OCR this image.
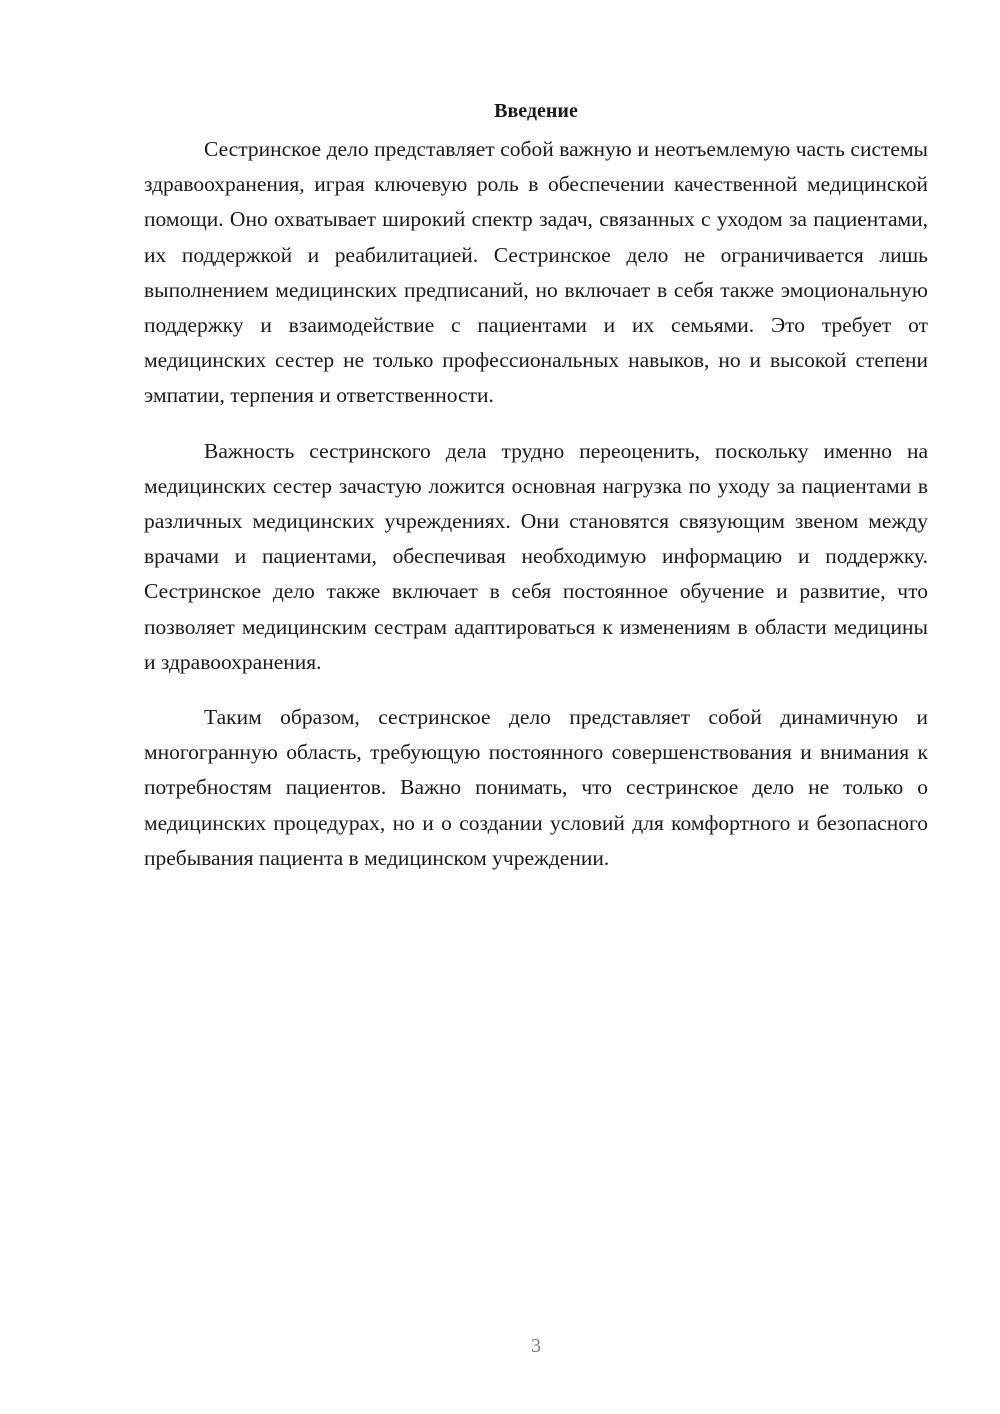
Введение

Сестринское дело представляет собой важную и неотъемлемую часть системы здравоохранения, играя ключевую роль в обеспечении качественной медицинской помощи. Оно охватывает широкий спектр задач, связанных с уходом за пациентами, их поддержкой и реабилитацией. Сестринское дело не ограничивается лишь выполнением медицинских предписаний, но включает в себя также эмоциональную поддержку и взаимодействие с пациентами и их семьями. Это требует от медицинских сестер не только профессиональных навыков, но и высокой степени эмпатии, терпения и ответственности.

Важность сестринского дела трудно переоценить, поскольку именно на медицинских сестер зачастую ложится основная нагрузка по уходу за пациентами в различных медицинских учреждениях. Они становятся связующим звеном между врачами и пациентами, обеспечивая необходимую информацию и поддержку. Сестринское дело также включает в себя постоянное обучение и развитие, что позволяет медицинским сестрам адаптироваться к изменениям в области медицины и здравоохранения.

Таким образом, сестринское дело представляет собой динамичную и многогранную область, требующую постоянного совершенствования и внимания к потребностям пациентов. Важно понимать, что сестринское дело не только о медицинских процедурах, но и о создании условий для комфортного и безопасного пребывания пациента в медицинском учреждении.

3
